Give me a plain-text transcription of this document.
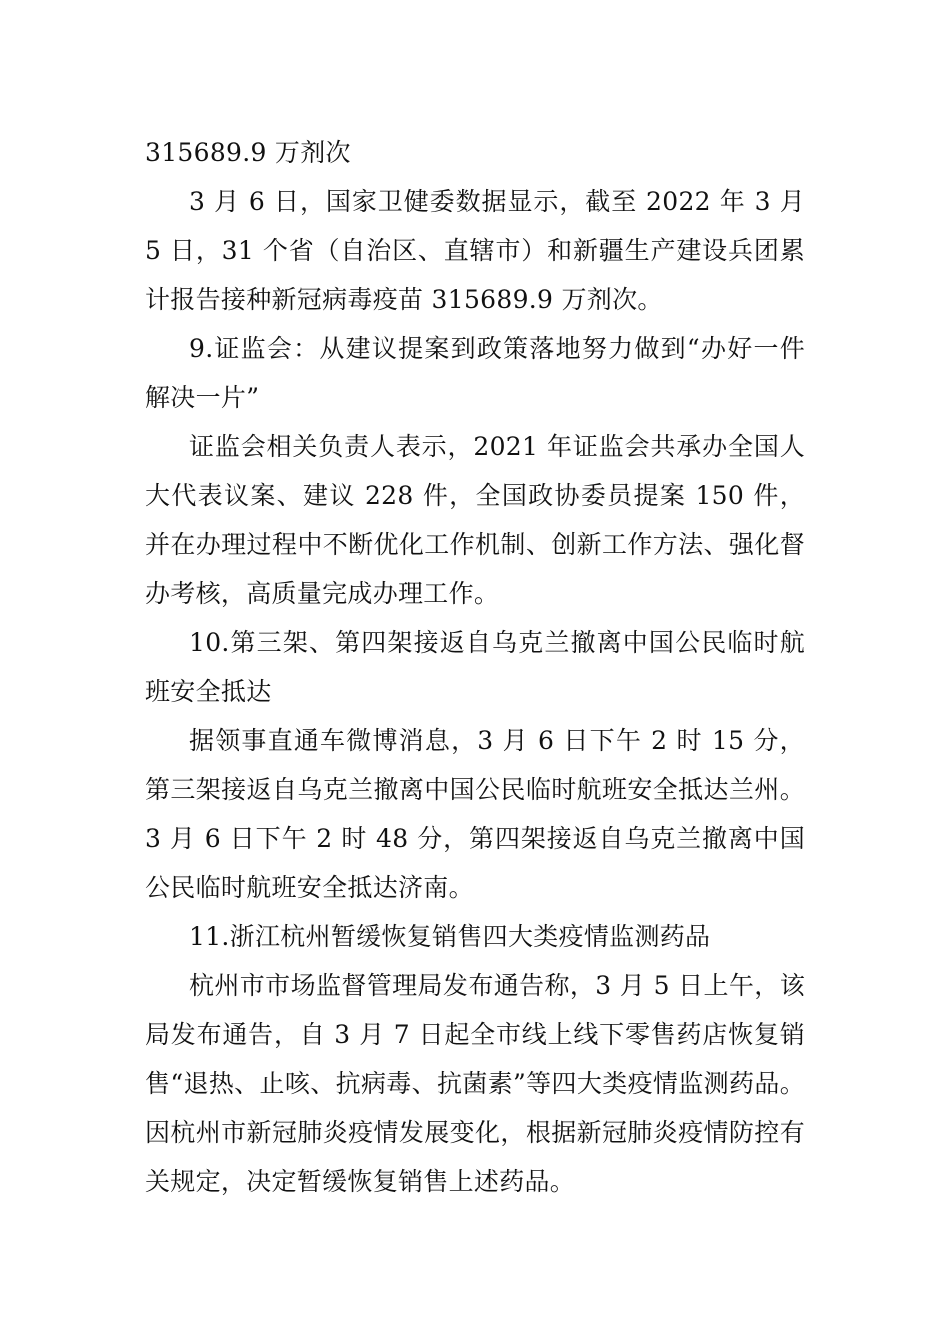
315689.9 万剂次

3 月 6 日，国家卫健委数据显示，截至 2022 年 3 月 5 日，31 个省（自治区、直辖市）和新疆生产建设兵团累计报告接种新冠病毒疫苗 315689.9 万剂次。

9.证监会：从建议提案到政策落地努力做到“办好一件解决一片”

证监会相关负责人表示，2021 年证监会共承办全国人大代表议案、建议 228 件，全国政协委员提案 150 件，并在办理过程中不断优化工作机制、创新工作方法、强化督办考核，高质量完成办理工作。

10.第三架、第四架接返自乌克兰撤离中国公民临时航班安全抵达

据领事直通车微博消息，3 月 6 日下午 2 时 15 分，第三架接返自乌克兰撤离中国公民临时航班安全抵达兰州。3 月 6 日下午 2 时 48 分，第四架接返自乌克兰撤离中国公民临时航班安全抵达济南。

11.浙江杭州暂缓恢复销售四大类疫情监测药品

杭州市市场监督管理局发布通告称，3 月 5 日上午，该局发布通告，自 3 月 7 日起全市线上线下零售药店恢复销售“退热、止咳、抗病毒、抗菌素”等四大类疫情监测药品。因杭州市新冠肺炎疫情发展变化，根据新冠肺炎疫情防控有关规定，决定暂缓恢复销售上述药品。
